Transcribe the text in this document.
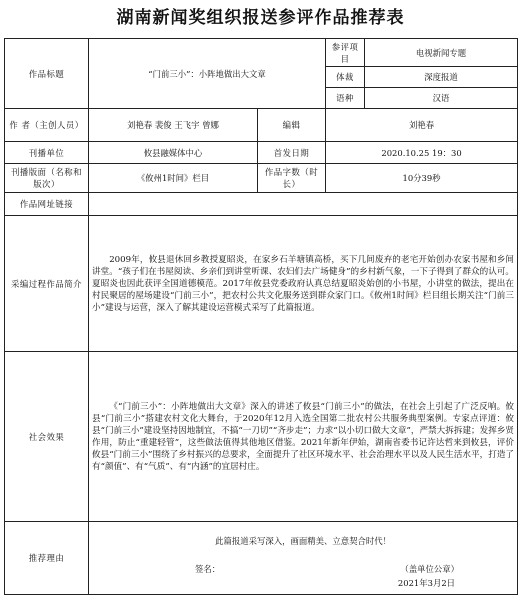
湖南新闻奖组织报送参评作品推荐表
作品标题	“门前三小”：小阵地做出大文章		参评项目	电视新闻专题
			体裁	深度报道
			语种	汉语
作 者（主创人员）	刘艳春 裴俊 王飞宇 曾娜	编辑	刘艳春	
刊播单位	攸县融媒体中心	首发日期	2020.10.25 19：30	
刊播版面（名称和版次）	《攸州1时间》栏目	作品字数（时长）	10分39秒	
作品网址链接				
采编过程作品简介	2009年，攸县退休回乡教授夏昭炎，在家乡石羊塘镇高桥，买下几间废弃的老宅开始创办农家书屋和乡间讲堂。“孩子们在书屋阅读、乡亲们到讲堂听课、农妇们去广场健身”的乡村新气象，一下子得到了群众的认可。夏昭炎也因此获评全国道德模范。2017年攸县党委政府认真总结夏昭炎始创的小书屋，小讲堂的做法，提出在村民聚居的屋场建设“门前三小”，把农村公共文化服务送到群众家门口。《攸州1时间》栏目组长期关注“门前三小”建设与运营，深入了解其建设运营模式采写了此篇报道。			

社会效果	《“门前三小”：小阵地做出大文章》深入的讲述了攸县“门前三小”的做法，在社会上引起了广泛反响。攸县“门前三小”搭建农村文化大舞台，于2020年12月入选全国第二批农村公共服务典型案例。专家点评道：攸县“门前三小”建设坚持因地制宜，不搞“一刀切”“齐步走”；力求“以小切口做大文章”，严禁大拆拆建；发挥乡贤作用，防止“重建轻管”，这些做法值得其他地区借鉴。2021年新年伊始，湖南省委书记许达哲来到攸县，评价攸县“门前三小”围绕了乡村振兴的总要求，全面提升了社区环境水平、社会治理水平以及人民生活水平，打造了有“颜值”、有“气质”、有“内涵”的宜居村庄。			

推荐理由	此篇报道采写深入，画面精美、立意契合时代！			

	签名： （盖单位公章）
2021年3月2日			
